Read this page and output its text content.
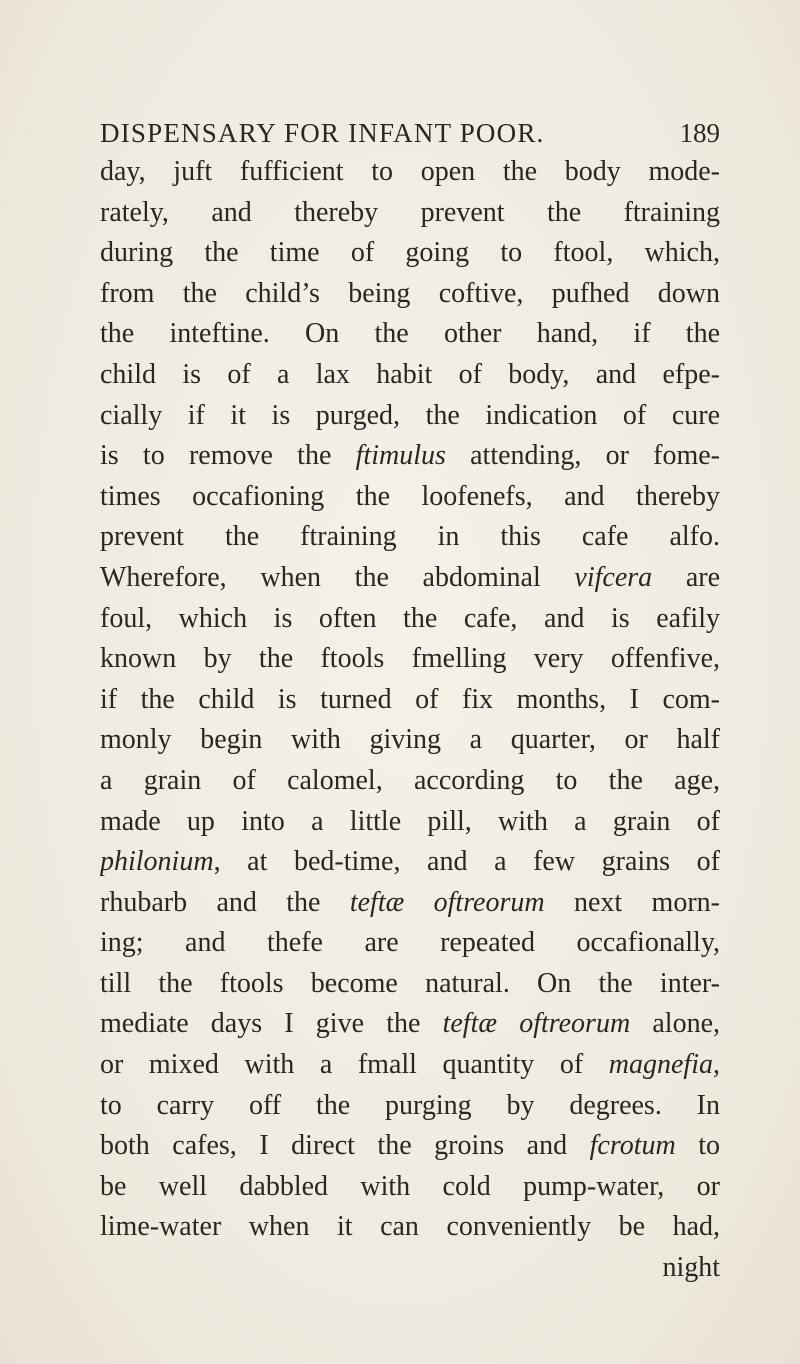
DISPENSARY FOR INFANT POOR.	189
day, juft fufficient to open the body mode-
rately, and thereby prevent the ftraining
during the time of going to ftool, which,
from the child’s being coftive, pufhed down
the inteftine. On the other hand, if the
child is of a lax habit of body, and efpe-
cially if it is purged, the indication of cure
is to remove the ftimulus attending, or fome-
times occafioning the loofenefs, and thereby
prevent the ftraining in this cafe alfo.
Wherefore, when the abdominal vifcera are
foul, which is often the cafe, and is eafily
known by the ftools fmelling very offenfive,
if the child is turned of fix months, I com-
monly begin with giving a quarter, or half
a grain of calomel, according to the age,
made up into a little pill, with a grain of
philonium, at bed-time, and a few grains of
rhubarb and the teftæ oftreorum next morn-
ing; and thefe are repeated occafionally,
till the ftools become natural. On the inter-
mediate days I give the teftæ oftreorum alone,
or mixed with a fmall quantity of magnefia,
to carry off the purging by degrees. In
both cafes, I direct the groins and fcrotum to
be well dabbled with cold pump-water, or
lime-water when it can conveniently be had,
night
